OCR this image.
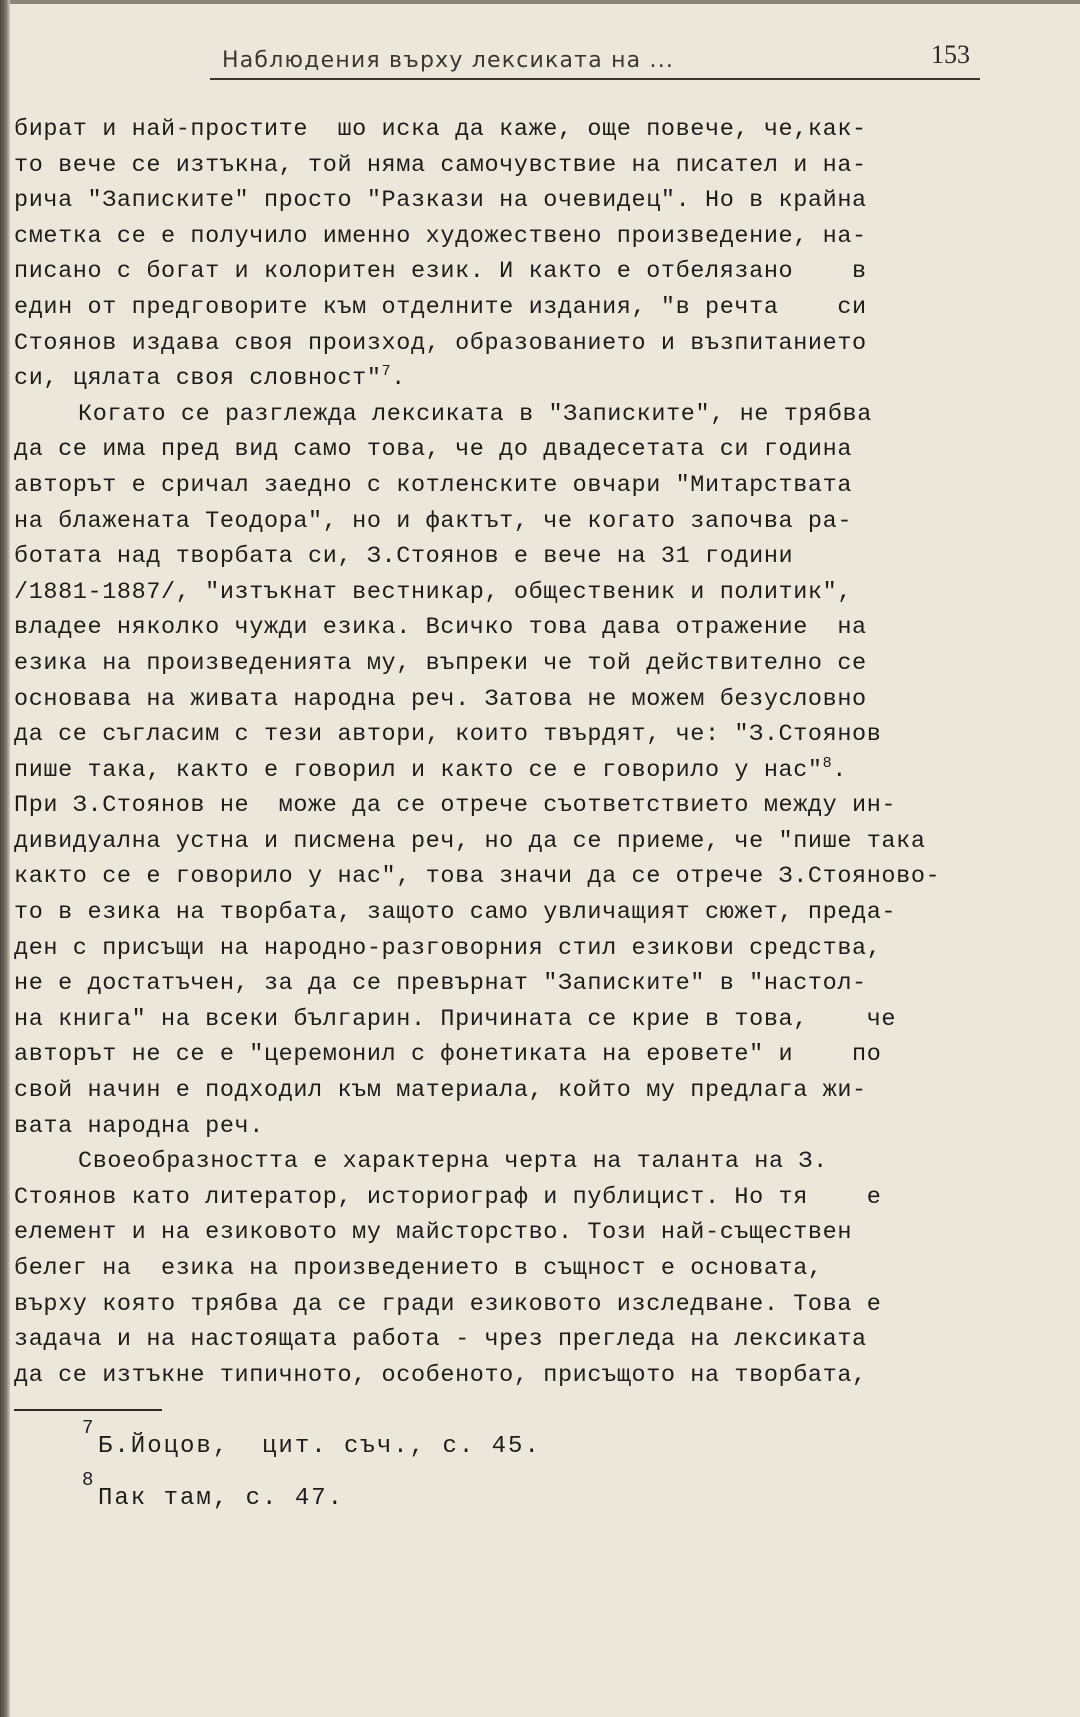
Наблюдения върху лексиката на ...	153
бират и най-простите  шо иска да каже, още повече, че,как-
то вече се изтъкна, той няма самочувствие на писател и на-
рича "Записките" просто "Разкази на очевидец". Но в крайна
сметка се е получило именно художествено произведение, на-
писано с богат и колоритен език. И както е отбелязано    в
един от предговорите към отделните издания, "в речта    си
Стоянов издава своя произход, образованието и възпитанието
си, цялата своя словност"$^7$.
Когато се разглежда лексиката в "Записките", не трябва
да се има пред вид само това, че до двадесетата си година
авторът е сричал заедно с котленските овчари "Митарствата
на блажената Теодора", но и фактът, че когато започва ра-
ботата над творбата си, З.Стоянов е вече на 31 години
/1881-1887/, "изтъкнат вестникар, общественик и политик",
владее няколко чужди езика. Всичко това дава отражение  на
езика на произведенията му, въпреки че той действително се
основава на живата народна реч. Затова не можем безусловно
да се съгласим с тези автори, които твърдят, че: "З.Стоянов
пише така, както е говорил и както се е говорило у нас"$^8$.
При З.Стоянов не  може да се отрече съответствието между ин-
дивидуална устна и писмена реч, но да се приеме, че "пише така
както се е говорило у нас", това значи да се отрече З.Стояново-
то в езика на творбата, защото само увличащият сюжет, преда-
ден с присъщи на народно-разговорния стил езикови средства,
не е достатъчен, за да се превърнат "Записките" в "настол-
на книга" на всеки българин. Причината се крие в това,    че
авторът не се е "церемонил с фонетиката на еровете" и    по
свой начин е подходил към материала, който му предлага жи-
вата народна реч.
Своеобразността е характерна черта на таланта на З.
Стоянов като литератор, историограф и публицист. Но тя    е
елемент и на езиковото му майсторство. Този най-съществен
белег на  езика на произведението в същност е основата,
върху която трябва да се гради езиковото изследване. Това е
задача и на настоящата работа - чрез прегледа на лексиката
да се изтъкне типичното, особеното, присъщото на творбата,

7

Б.Йоцов,  цит. съч., с. 45.

8

Пак там, с. 47.
